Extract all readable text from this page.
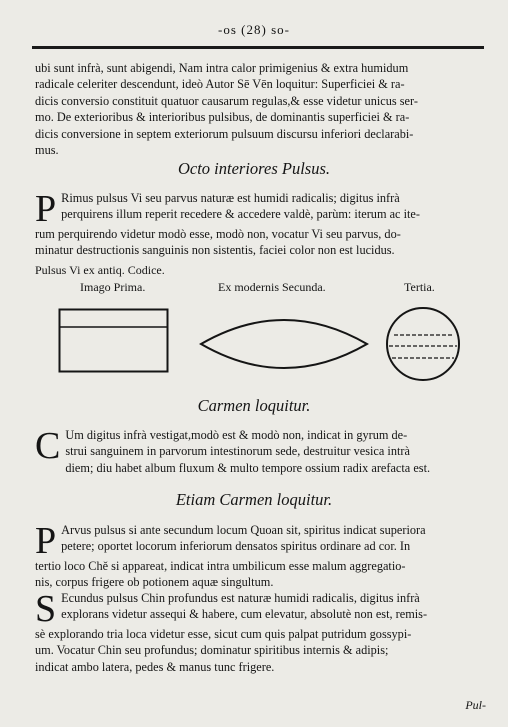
-os (28) so-
ubi sunt infrà, sunt abigendi, Nam intra calor primigenius & extra humidum
radicale celeriter descendunt, ideò Autor Sē Vēn loquitur: Superficiei & ra-
dicis conversio constituit quatuor causarum regulas,& esse videtur unicus ser-
mo. De exterioribus & interioribus pulsibus, de dominantis superficiei & ra-
dicis conversione in septem exteriorum pulsuum discursu inferiori declarabi-
mus.
Octo interiores Pulsus.
P Rimus pulsus Vi seu parvus naturæ est humidi radicalis; digitus infrà
perquirens illum reperit recedere & accedere valdè, parùm: iterum ac ite-
rum perquirendo videtur modò esse, modò non, vocatur Vi seu parvus, do-
minatur destructionis sanguinis non sistentis, faciei color non est lucidus.
Pulsus Vi ex antiq. Codice.
Imago Prima.	Ex modernis Secunda.	Tertia.
Carmen loquitur.
C Um digitus infrà vestigat,modò est & modò non, indicat in gyrum de-
strui sanguinem in parvorum intestinorum sede, destruitur vesica intrà
diem; diu habet album fluxum & multo tempore ossium radix arefacta est.
Etiam Carmen loquitur.
P Arvus pulsus si ante secundum locum Quoan sit, spiritus indicat superiora
petere; oportet locorum inferiorum densatos spiritus ordinare ad cor. In
tertio loco Chě si appareat, indicat intra umbilicum esse malum aggregatio-
nis, corpus frigere ob potionem aquæ singultum.
S Ecundus pulsus Chin profundus est naturæ humidi radicalis, digitus infrà
explorans videtur assequi & habere, cum elevatur, absolutè non est, remis-
sè explorando tria loca videtur esse, sicut cum quis palpat putridum gossypi-
um. Vocatur Chin seu profundus; dominatur spiritibus internis & adipis;
indicat ambo latera, pedes & manus tunc frigere.
Pul-
